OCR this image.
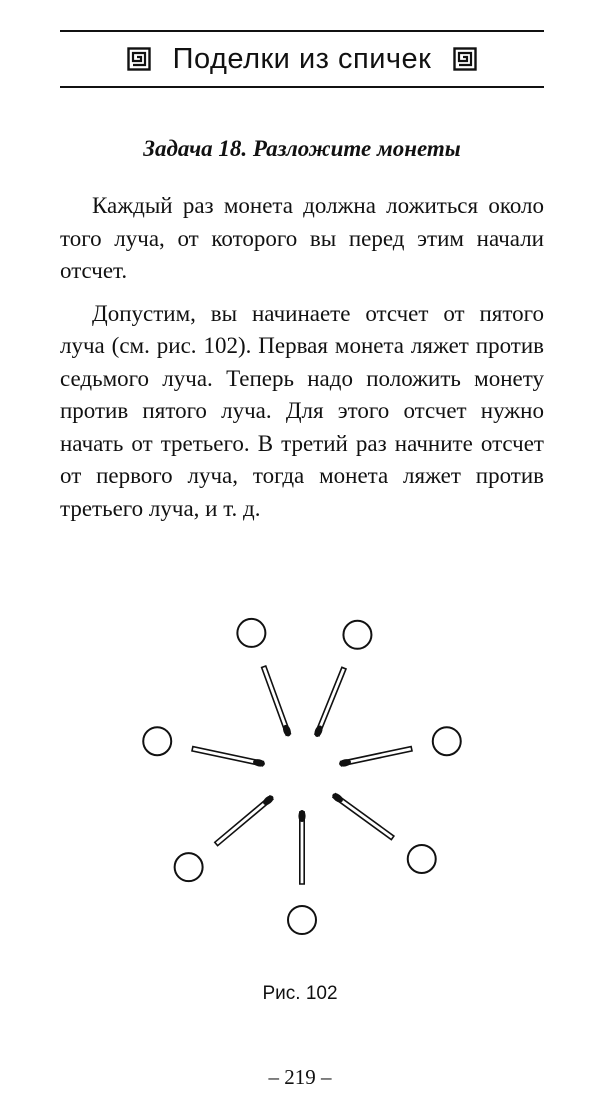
Поделки из спичек
Задача 18. Разложите монеты

Каждый раз монета должна ложиться около того луча, от которого вы перед этим начали отсчет.

Допустим, вы начинаете отсчет от пятого луча (см. рис. 102). Первая монета ляжет против седьмого луча. Теперь надо положить монету против пятого луча. Для этого отсчет нужно начать от третьего. В третий раз начните отсчет от первого луча, тогда монета ляжет против третьего луча, и т. д.

Рис. 102
– 219 –
